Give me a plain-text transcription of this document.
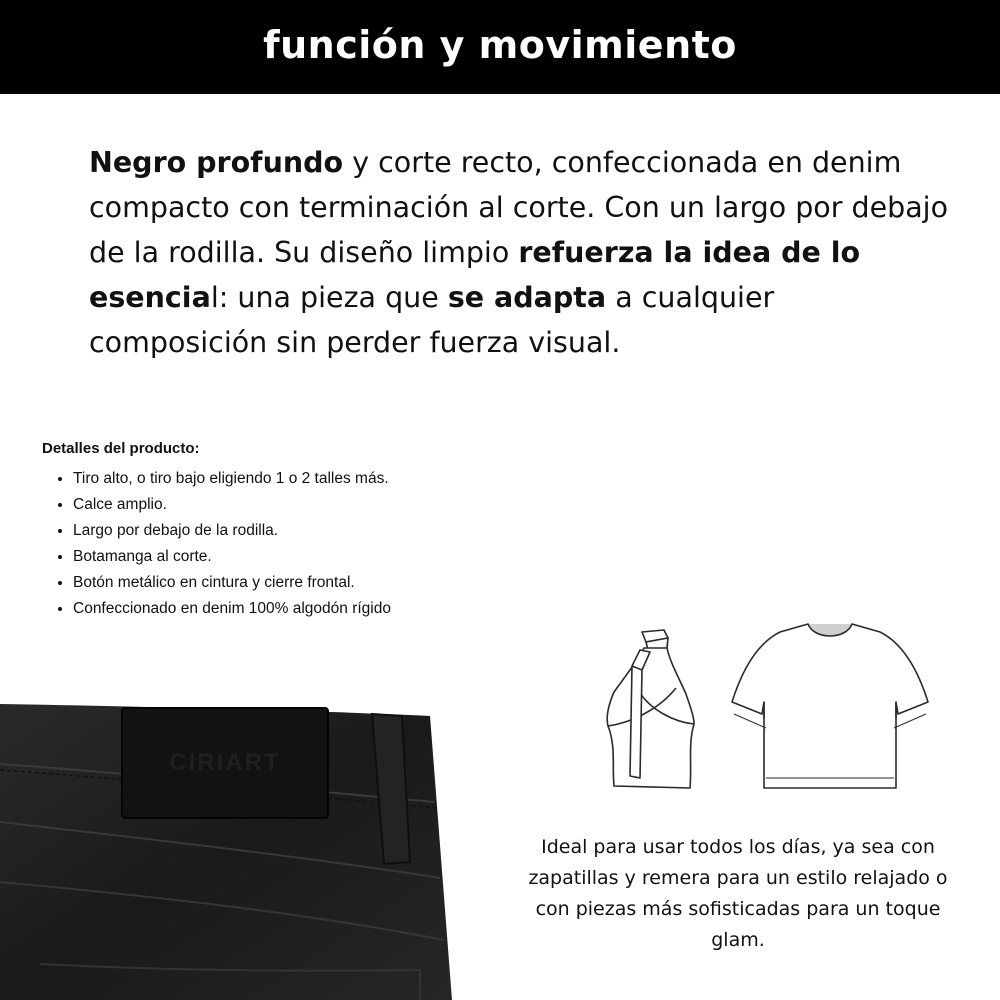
función y movimiento
Negro profundo y corte recto, confeccionada en denim compacto con terminación al corte. Con un largo por debajo de la rodilla. Su diseño limpio refuerza la idea de lo esencial: una pieza que se adapta a cualquier composición sin perder fuerza visual.
Detalles del producto:
• Tiro alto, o tiro bajo eligiendo 1 o 2 talles más.
• Calce amplio.
• Largo por debajo de la rodilla.
• Botamanga al corte.
• Botón metálico en cintura y cierre frontal.
• Confeccionado en denim 100% algodón rígido
CIRIART
Ideal para usar todos los días, ya sea con zapatillas y remera para un estilo relajado o con piezas más sofisticadas para un toque glam.
